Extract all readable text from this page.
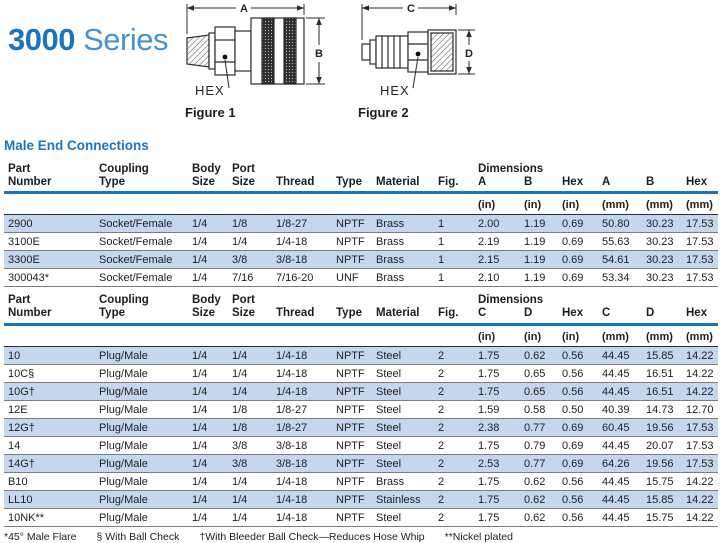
3000 Series
A
B
HEX
Figure 1
C
D
HEX
Figure 2
Male End Connections
Part	Coupling	Body	Port					Dimensions					
Number	Type	Size	Size	Thread	Type	Material	Fig.	A	B	Hex	A	B	Hex
								(in)	(in)	(in)	(mm)	(mm)	(mm)
2900	Socket/Female	1/4	1/8	1/8-27	NPTF	Brass	1	2.00	1.19	0.69	50.80	30.23	17.53
3100E	Socket/Female	1/4	1/4	1/4-18	NPTF	Brass	1	2.19	1.19	0.69	55.63	30.23	17.53
3300E	Socket/Female	1/4	3/8	3/8-18	NPTF	Brass	1	2.15	1.19	0.69	54.61	30.23	17.53
300043*	Socket/Female	1/4	7/16	7/16-20	UNF	Brass	1	2.10	1.19	0.69	53.34	30.23	17.53
Part	Coupling	Body	Port					Dimensions					
Number	Type	Size	Size	Thread	Type	Material	Fig.	C	D	Hex	C	D	Hex
								(in)	(in)	(in)	(mm)	(mm)	(mm)
10	Plug/Male	1/4	1/4	1/4-18	NPTF	Steel	2	1.75	0.62	0.56	44.45	15.85	14.22
10C§	Plug/Male	1/4	1/4	1/4-18	NPTF	Steel	2	1.75	0.65	0.56	44.45	16.51	14.22
10G†	Plug/Male	1/4	1/4	1/4-18	NPTF	Steel	2	1.75	0.65	0.56	44.45	16.51	14.22
12E	Plug/Male	1/4	1/8	1/8-27	NPTF	Steel	2	1.59	0.58	0.50	40.39	14.73	12.70
12G†	Plug/Male	1/4	1/8	1/8-27	NPTF	Steel	2	2.38	0.77	0.69	60.45	19.56	17.53
14	Plug/Male	1/4	3/8	3/8-18	NPTF	Steel	2	1.75	0.79	0.69	44.45	20.07	17.53
14G†	Plug/Male	1/4	3/8	3/8-18	NPTF	Steel	2	2.53	0.77	0.69	64.26	19.56	17.53
B10	Plug/Male	1/4	1/4	1/4-18	NPTF	Brass	2	1.75	0.62	0.56	44.45	15.75	14.22
LL10	Plug/Male	1/4	1/4	1/4-18	NPTF	Stainless	2	1.75	0.62	0.56	44.45	15.85	14.22
10NK**	Plug/Male	1/4	1/4	1/4-18	NPTF	Steel	2	1.75	0.62	0.56	44.45	15.75	14.22
*45° Male Flare § With Ball Check †With Bleeder Ball Check—Reduces Hose Whip **Nickel plated
